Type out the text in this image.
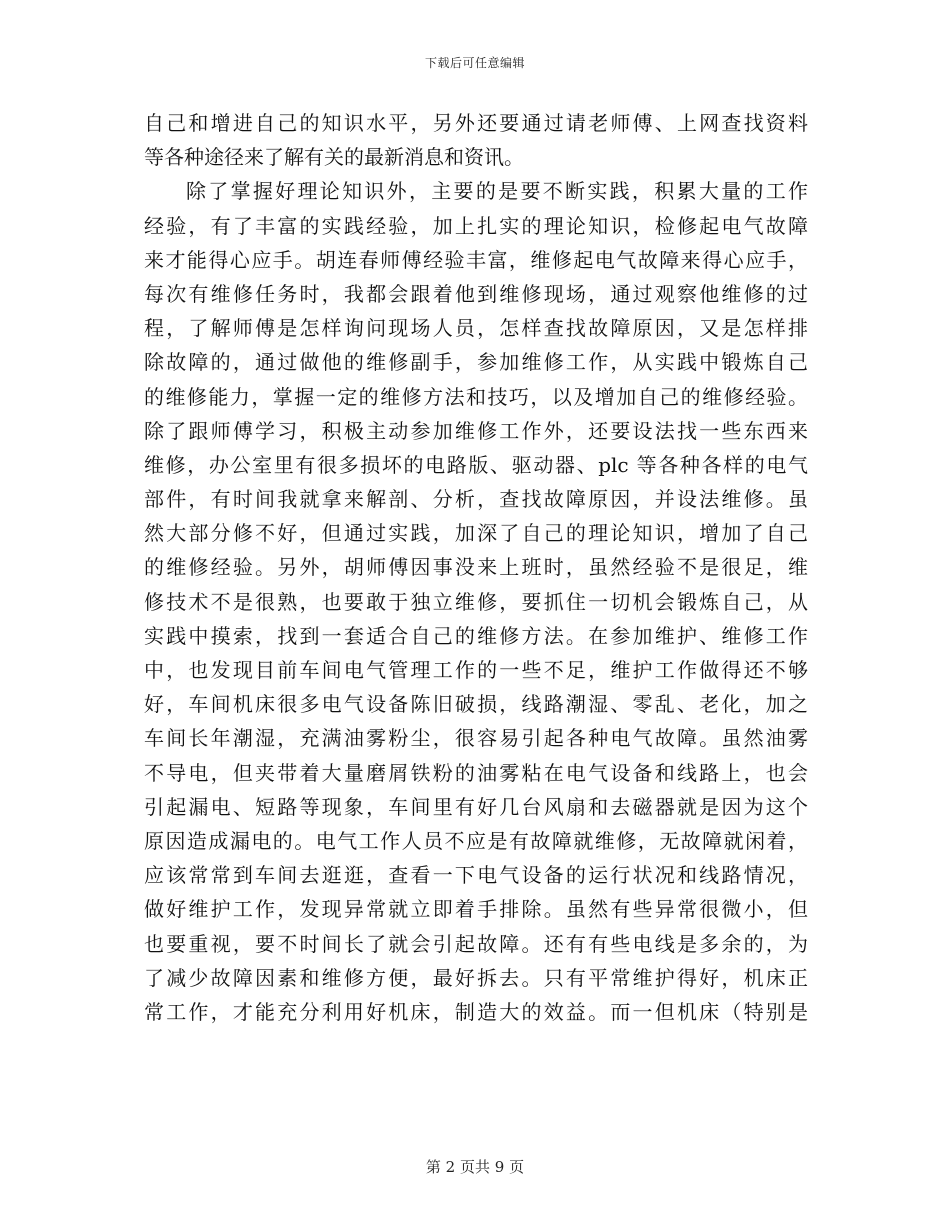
下载后可任意编辑
自己和增进自己的知识水平，另外还要通过请老师傅、上网查找资料
等各种途径来了解有关的最新消息和资讯。
除了掌握好理论知识外，主要的是要不断实践，积累大量的工作
经验，有了丰富的实践经验，加上扎实的理论知识，检修起电气故障
来才能得心应手。胡连春师傅经验丰富，维修起电气故障来得心应手，
每次有维修任务时，我都会跟着他到维修现场，通过观察他维修的过
程，了解师傅是怎样询问现场人员，怎样查找故障原因，又是怎样排
除故障的，通过做他的维修副手，参加维修工作，从实践中锻炼自己
的维修能力，掌握一定的维修方法和技巧，以及增加自己的维修经验。
除了跟师傅学习，积极主动参加维修工作外，还要设法找一些东西来
维修，办公室里有很多损坏的电路版、驱动器、plc 等各种各样的电气
部件，有时间我就拿来解剖、分析，查找故障原因，并设法维修。虽
然大部分修不好，但通过实践，加深了自己的理论知识，增加了自己
的维修经验。另外，胡师傅因事没来上班时，虽然经验不是很足，维
修技术不是很熟，也要敢于独立维修，要抓住一切机会锻炼自己，从
实践中摸索，找到一套适合自己的维修方法。在参加维护、维修工作
中，也发现目前车间电气管理工作的一些不足，维护工作做得还不够
好，车间机床很多电气设备陈旧破损，线路潮湿、零乱、老化，加之
车间长年潮湿，充满油雾粉尘，很容易引起各种电气故障。虽然油雾
不导电，但夹带着大量磨屑铁粉的油雾粘在电气设备和线路上，也会
引起漏电、短路等现象，车间里有好几台风扇和去磁器就是因为这个
原因造成漏电的。电气工作人员不应是有故障就维修，无故障就闲着，
应该常常到车间去逛逛，查看一下电气设备的运行状况和线路情况，
做好维护工作，发现异常就立即着手排除。虽然有些异常很微小，但
也要重视，要不时间长了就会引起故障。还有有些电线是多余的，为
了减少故障因素和维修方便，最好拆去。只有平常维护得好，机床正
常工作，才能充分利用好机床，制造大的效益。而一但机床（特别是
第 2 页共 9 页
